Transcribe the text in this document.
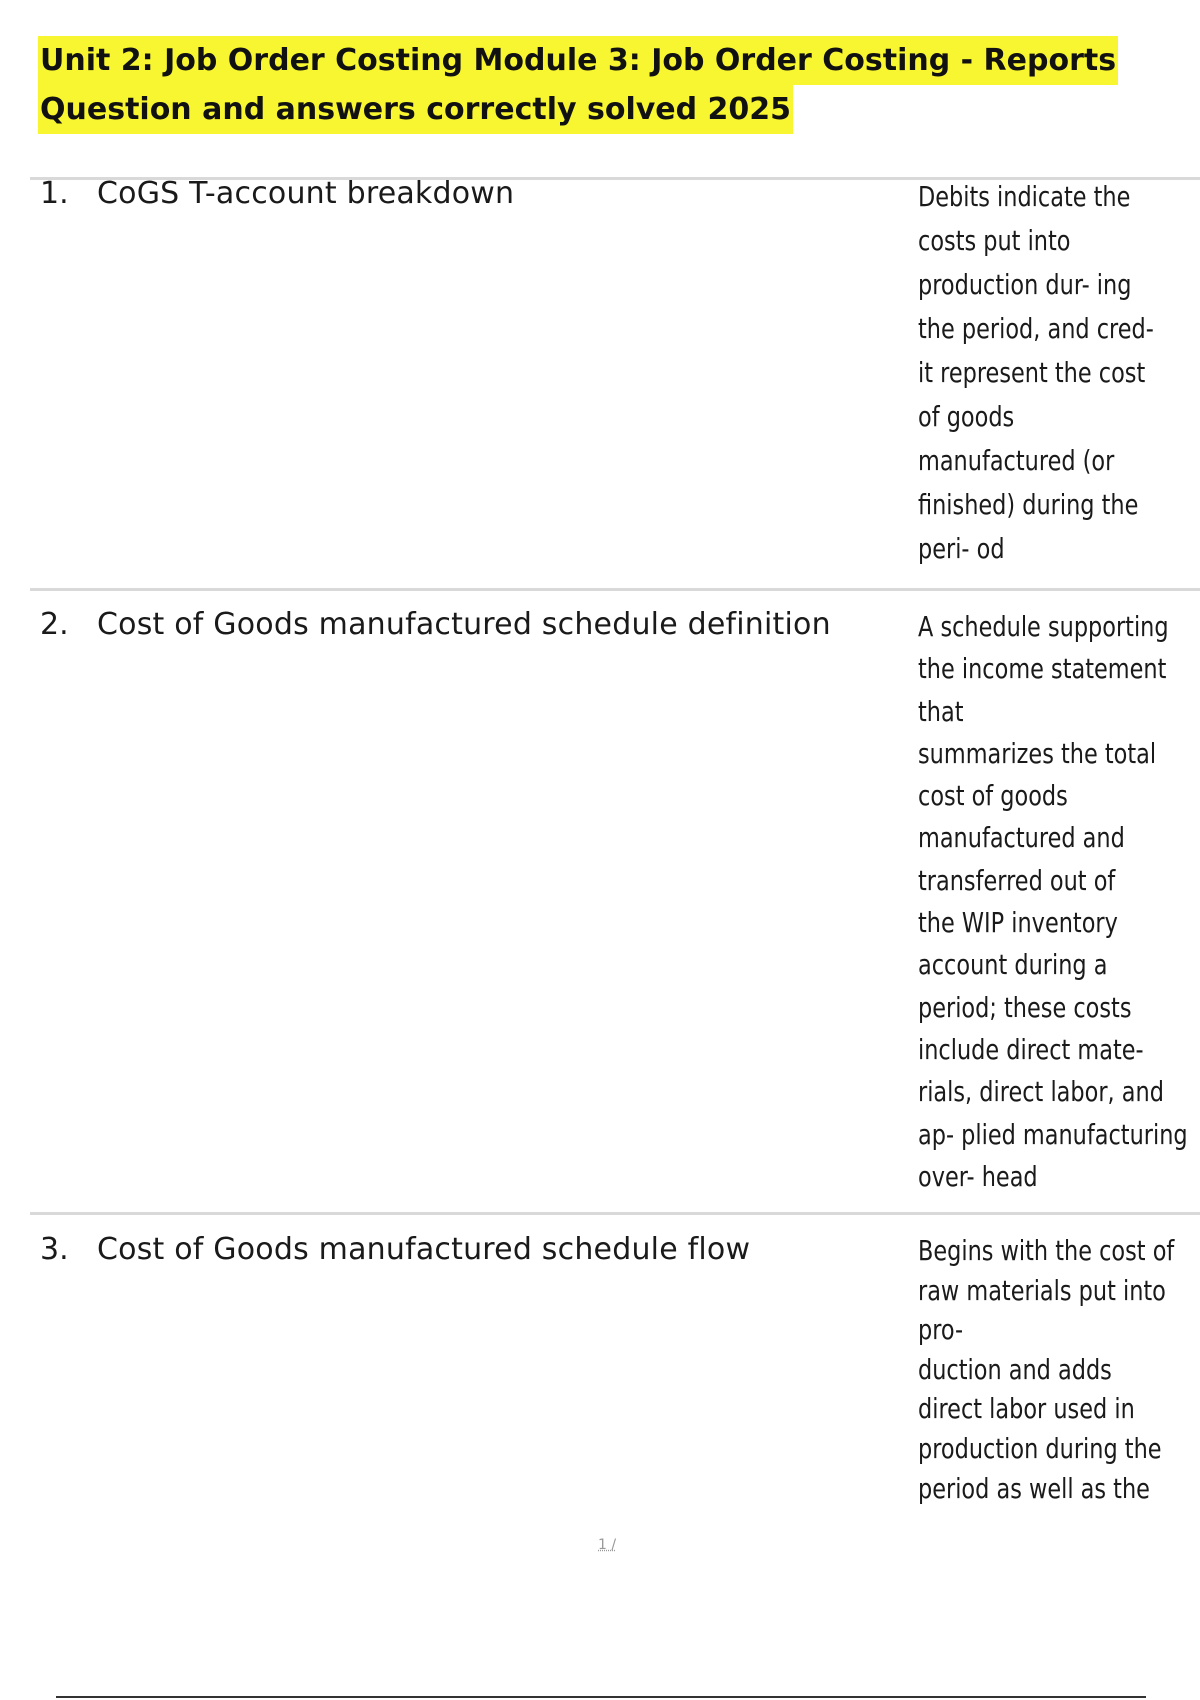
Unit 2: Job Order Costing Module 3: Job Order Costing - Reports
Question and answers correctly solved 2025
1. CoGS T-account breakdown	Debits indicate the
costs put into
production dur- ing
the period, and cred-
it represent the cost
of goods
manufactured (or
finished) during the
peri- od
2. Cost of Goods manufactured schedule definition	A schedule supporting
the income statement
that
summarizes the total
cost of goods
manufactured and
transferred out of
the WIP inventory
account during a
period; these costs
include direct mate-
rials, direct labor, and
ap- plied manufacturing
over- head
3. Cost of Goods manufactured schedule flow	Begins with the cost of
raw materials put into
pro-
duction and adds
direct labor used in
production during the
period as well as the
1 /
